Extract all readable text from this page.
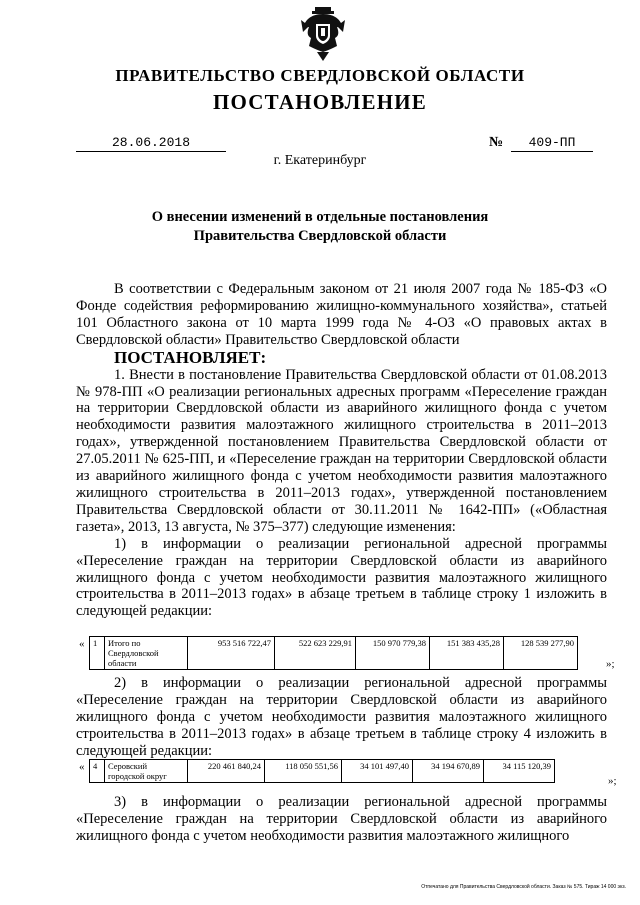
ПРАВИТЕЛЬСТВО СВЕРДЛОВСКОЙ ОБЛАСТИ
ПОСТАНОВЛЕНИЕ
28.06.2018	№	409-ПП
г. Екатеринбург
О внесении изменений в отдельные постановления
Правительства Свердловской области

В соответствии с Федеральным законом от 21 июля 2007 года № 185-ФЗ «О Фонде содействия реформированию жилищно-коммунального хозяйства», статьей 101 Областного закона от 10 марта 1999 года № 4-ОЗ «О правовых актах в Свердловской области» Правительство Свердловской области

ПОСТАНОВЛЯЕТ:

1. Внести в постановление Правительства Свердловской области от 01.08.2013 № 978-ПП «О реализации региональных адресных программ «Переселение граждан на территории Свердловской области из аварийного жилищного фонда с учетом необходимости развития малоэтажного жилищного строительства в 2011–2013 годах», утвержденной постановлением Правительства Свердловской области от 27.05.2011 № 625-ПП, и «Переселение граждан на территории Свердловской области из аварийного жилищного фонда с учетом необходимости развития малоэтажного жилищного строительства в 2011–2013 годах», утвержденной постановлением Правительства Свердловской области от 30.11.2011 № 1642-ПП» («Областная газета», 2013, 13 августа, № 375–377) следующие изменения:

1) в информации о реализации региональной адресной программы «Переселение граждан на территории Свердловской области из аварийного жилищного фонда с учетом необходимости развития малоэтажного жилищного строительства в 2011–2013 годах» в абзаце третьем в таблице строку 1 изложить в следующей редакции:

« 1	Итого по Свердловской области	953 516 722,47	522 623 229,91	150 970 779,38	151 383 435,28	128 539 277,90
»;

2) в информации о реализации региональной адресной программы «Переселение граждан на территории Свердловской области из аварийного жилищного фонда с учетом необходимости развития малоэтажного жилищного строительства в 2011–2013 годах» в абзаце третьем в таблице строку 4 изложить в следующей редакции:

« 4	Серовский городской округ	220 461 840,24	118 050 551,56	34 101 497,40	34 194 670,89	34 115 120,39
»;

3) в информации о реализации региональной адресной программы «Переселение граждан на территории Свердловской области из аварийного жилищного фонда с учетом необходимости развития малоэтажного жилищного

Отпечатано для Правительства Свердловской области. Заказ № 575. Тираж 14 000 экз.
